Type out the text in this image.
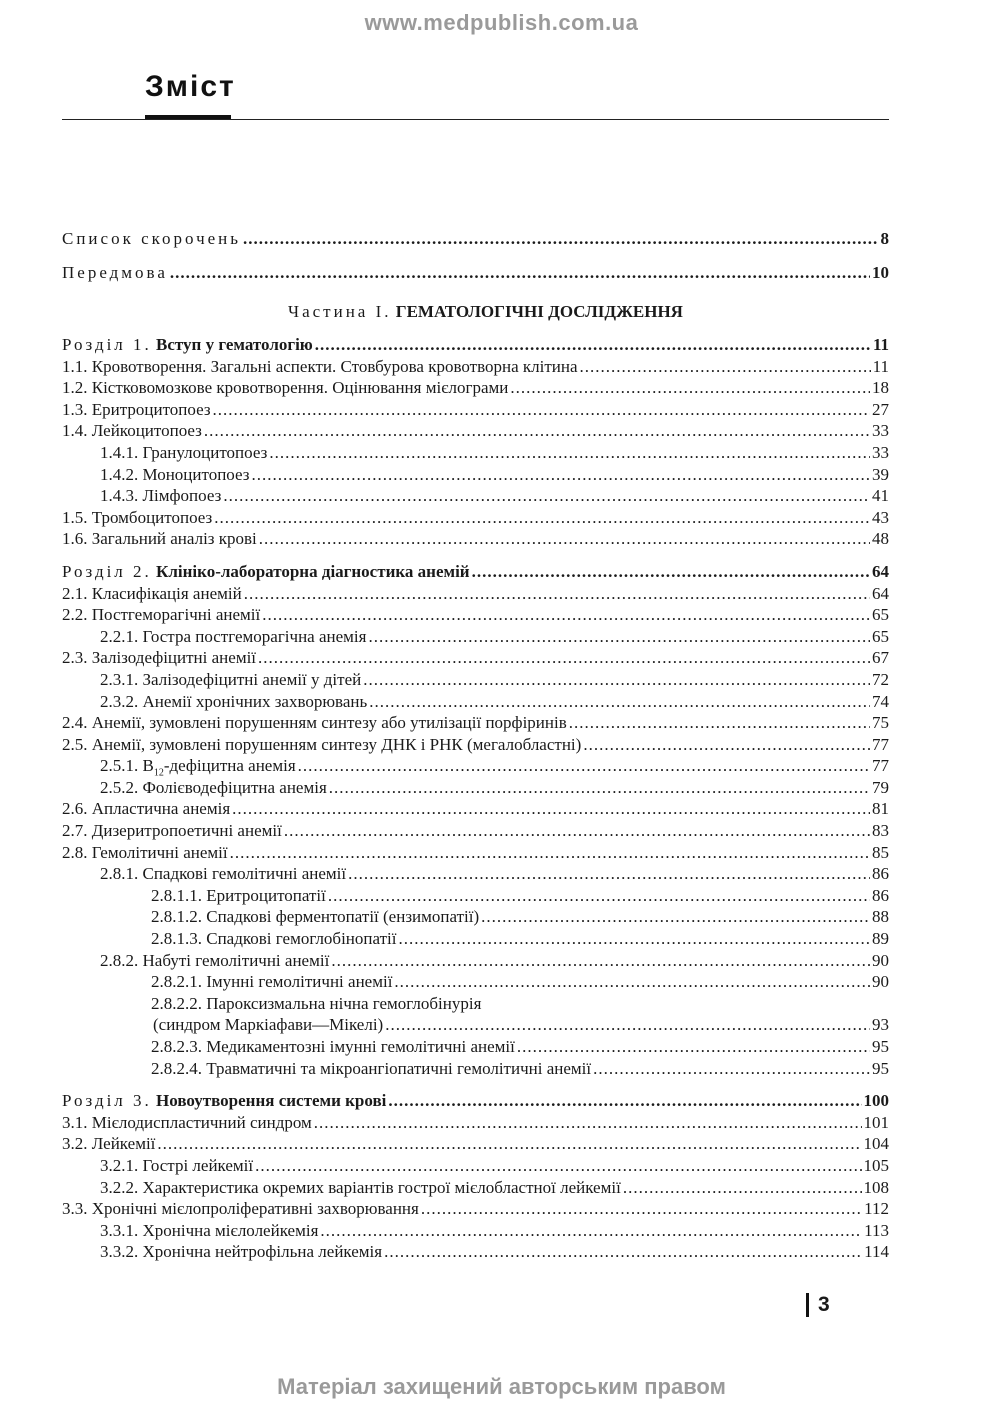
www.medpublish.com.ua
Зміст
Список скорочень .....	8
Передмова .....	10
Частина I. ГЕМАТОЛОГІЧНІ ДОСЛІДЖЕННЯ
Розділ 1. Вступ у гематологію .....	11
1.1. Кровотворення. Загальні аспекти. Стовбурова кровотворна клітина .....	11
1.2. Кістковомозкове кровотворення. Оцінювання мієлограми .....	18
1.3. Еритроцитопоез .....	27
1.4. Лейкоцитопоез .....	33
1.4.1. Гранулоцитопоез .....	33
1.4.2. Моноцитопоез .....	39
1.4.3. Лімфопоез .....	41
1.5. Тромбоцитопоез .....	43
1.6. Загальний аналіз крові .....	48
Розділ 2. Клініко-лабораторна діагностика анемій .....	64
2.1. Класифікація анемій .....	64
2.2. Постгеморагічні анемії .....	65
2.2.1. Гостра постгеморагічна анемія .....	65
2.3. Залізодефіцитні анемії .....	67
2.3.1. Залізодефіцитні анемії у дітей .....	72
2.3.2. Анемії хронічних захворювань .....	74
2.4. Анемії, зумовлені порушенням синтезу або утилізації порфіринів .....	75
2.5. Анемії, зумовлені порушенням синтезу ДНК і РНК (мегалобластні) .....	77
2.5.1. $B_{12}$-дефіцитна анемія .....	77
2.5.2. Фолієводефіцитна анемія .....	79
2.6. Апластична анемія .....	81
2.7. Дизеритропоетичні анемії .....	83
2.8. Гемолітичні анемії .....	85
2.8.1. Спадкові гемолітичні анемії .....	86
2.8.1.1. Еритроцитопатії .....	86
2.8.1.2. Спадкові ферментопатії (ензимопатії) .....	88
2.8.1.3. Спадкові гемоглобінопатії .....	89
2.8.2. Набуті гемолітичні анемії .....	90
2.8.2.1. Імунні гемолітичні анемії .....	90
2.8.2.2. Пароксизмальна нічна гемоглобінурія
(синдром Маркіафави—Мікелі) .....	93
2.8.2.3. Медикаментозні імунні гемолітичні анемії .....	95
2.8.2.4. Травматичні та мікроангіопатичні гемолітичні анемії .....	95
Розділ 3. Новоутворення системи крові .....	100
3.1. Мієлодиспластичний синдром .....	101
3.2. Лейкемії .....	104
3.2.1. Гострі лейкемії .....	105
3.2.2. Характеристика окремих варіантів гострої мієлобластної лейкемії .....	108
3.3. Хронічні мієлопроліферативні захворювання .....	112
3.3.1. Хронічна мієлолейкемія .....	113
3.3.2. Хронічна нейтрофільна лейкемія .....	114
3
Матеріал захищений авторським правом
